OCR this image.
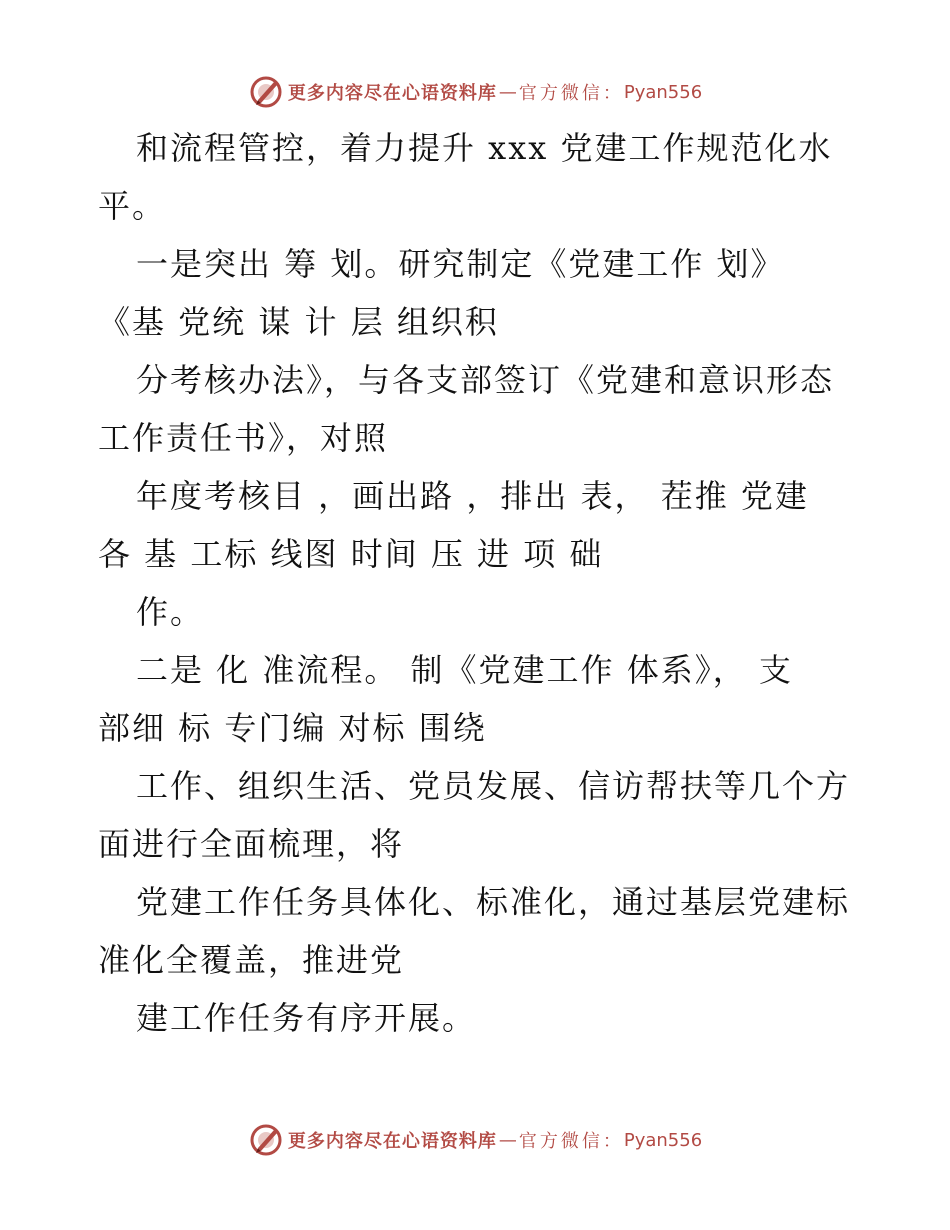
更多内容尽在心语资料库 — 官方微信： Pyan556
和流程管控，着力提升 xxx 党建工作规范化水
平。
一是突出 筹 划。研究制定《党建工作 划》
《基 党统 谋 计 层 组织积
分考核办法》，与各支部签订《党建和意识形态
工作责任书》，对照
年度考核目 ，画出路 ，排出 表， 茬推 党建
各 基 工标 线图 时间 压 进 项 础
作。
二是 化 准流程。 制《党建工作 体系》， 支
部细 标 专门编 对标 围绕
工作、组织生活、党员发展、信访帮扶等几个方
面进行全面梳理，将
党建工作任务具体化、标准化，通过基层党建标
准化全覆盖，推进党
建工作任务有序开展。
更多内容尽在心语资料库 — 官方微信： Pyan556
